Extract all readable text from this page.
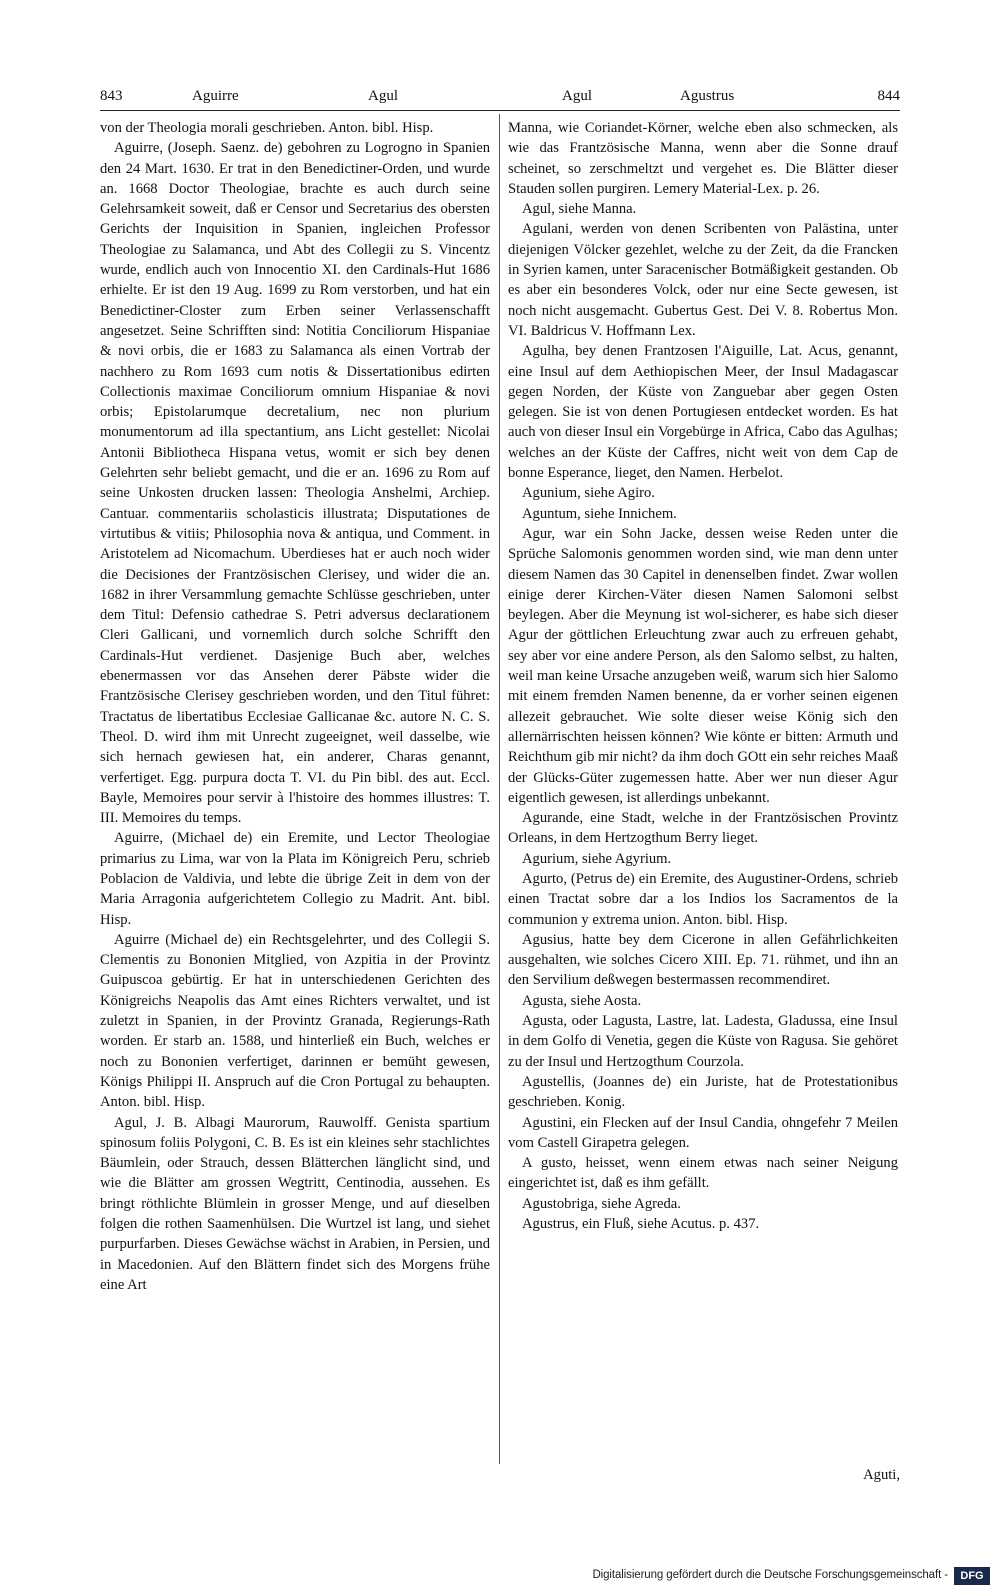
843	Aguirre	Agul	Agul	Agustrus	844

von der Theologia morali geschrieben. Anton. bibl. Hisp.

Aguirre, (Joseph. Saenz. de) gebohren zu Logrogno in Spanien den 24 Mart. 1630. Er trat in den Benedictiner-Orden, und wurde an. 1668 Doctor Theologiae, brachte es auch durch seine Gelehrsamkeit soweit, daß er Censor und Secretarius des obersten Gerichts der Inquisition in Spanien, ingleichen Professor Theologiae zu Salamanca, und Abt des Collegii zu S. Vincentz wurde, endlich auch von Innocentio XI. den Cardinals-Hut 1686 erhielte. Er ist den 19 Aug. 1699 zu Rom verstorben, und hat ein Benedictiner-Closter zum Erben seiner Verlassenschafft angesetzet. Seine Schrifften sind: Notitia Conciliorum Hispaniae & novi orbis, die er 1683 zu Salamanca als einen Vortrab der nachhero zu Rom 1693 cum notis & Dissertationibus edirten Collectionis maximae Conciliorum omnium Hispaniae & novi orbis; Epistolarumque decretalium, nec non plurium monumentorum ad illa spectantium, ans Licht gestellet: Nicolai Antonii Bibliotheca Hispana vetus, womit er sich bey denen Gelehrten sehr beliebt gemacht, und die er an. 1696 zu Rom auf seine Unkosten drucken lassen: Theologia Anshelmi, Archiep. Cantuar. commentariis scholasticis illustrata; Disputationes de virtutibus & vitiis; Philosophia nova & antiqua, und Comment. in Aristotelem ad Nicomachum. Uberdieses hat er auch noch wider die Decisiones der Frantzösischen Clerisey, und wider die an. 1682 in ihrer Versammlung gemachte Schlüsse geschrieben, unter dem Titul: Defensio cathedrae S. Petri adversus declarationem Cleri Gallicani, und vornemlich durch solche Schrifft den Cardinals-Hut verdienet. Dasjenige Buch aber, welches ebenermassen vor das Ansehen derer Päbste wider die Frantzösische Clerisey geschrieben worden, und den Titul führet: Tractatus de libertatibus Ecclesiae Gallicanae &c. autore N. C. S. Theol. D. wird ihm mit Unrecht zugeeignet, weil dasselbe, wie sich hernach gewiesen hat, ein anderer, Charas genannt, verfertiget. Egg. purpura docta T. VI. du Pin bibl. des aut. Eccl. Bayle, Memoires pour servir à l'histoire des hommes illustres: T. III. Memoires du temps.

Aguirre, (Michael de) ein Eremite, und Lector Theologiae primarius zu Lima, war von la Plata im Königreich Peru, schrieb Poblacion de Valdivia, und lebte die übrige Zeit in dem von der Maria Arragonia aufgerichtetem Collegio zu Madrit. Ant. bibl. Hisp.

Aguirre (Michael de) ein Rechtsgelehrter, und des Collegii S. Clementis zu Bononien Mitglied, von Azpitia in der Provintz Guipuscoa gebürtig. Er hat in unterschiedenen Gerichten des Königreichs Neapolis das Amt eines Richters verwaltet, und ist zuletzt in Spanien, in der Provintz Granada, Regierungs-Rath worden. Er starb an. 1588, und hinterließ ein Buch, welches er noch zu Bononien verfertiget, darinnen er bemüht gewesen, Königs Philippi II. Anspruch auf die Cron Portugal zu behaupten. Anton. bibl. Hisp.

Agul, J. B. Albagi Maurorum, Rauwolff. Genista spartium spinosum foliis Polygoni, C. B. Es ist ein kleines sehr stachlichtes Bäumlein, oder Strauch, dessen Blätterchen länglicht sind, und wie die Blätter am grossen Wegtritt, Centinodia, aussehen. Es bringt röthlichte Blümlein in grosser Menge, und auf dieselben folgen die rothen Saamenhülsen. Die Wurtzel ist lang, und siehet purpurfarben. Dieses Gewächse wächst in Arabien, in Persien, und in Macedonien. Auf den Blättern findet sich des Morgens frühe eine Art

Manna, wie Coriandet-Körner, welche eben also schmecken, als wie das Frantzösische Manna, wenn aber die Sonne drauf scheinet, so zerschmeltzt und vergehet es. Die Blätter dieser Stauden sollen purgiren. Lemery Material-Lex. p. 26.

Agul, siehe Manna.

Agulani, werden von denen Scribenten von Palästina, unter diejenigen Völcker gezehlet, welche zu der Zeit, da die Francken in Syrien kamen, unter Saracenischer Botmäßigkeit gestanden. Ob es aber ein besonderes Volck, oder nur eine Secte gewesen, ist noch nicht ausgemacht. Gubertus Gest. Dei V. 8. Robertus Mon. VI. Baldricus V. Hoffmann Lex.

Agulha, bey denen Frantzosen l'Aiguille, Lat. Acus, genannt, eine Insul auf dem Aethiopischen Meer, der Insul Madagascar gegen Norden, der Küste von Zanguebar aber gegen Osten gelegen. Sie ist von denen Portugiesen entdecket worden. Es hat auch von dieser Insul ein Vorgebürge in Africa, Cabo das Agulhas; welches an der Küste der Caffres, nicht weit von dem Cap de bonne Esperance, lieget, den Namen. Herbelot.

Agunium, siehe Agiro.

Aguntum, siehe Innichem.

Agur, war ein Sohn Jacke, dessen weise Reden unter die Sprüche Salomonis genommen worden sind, wie man denn unter diesem Namen das 30 Capitel in denenselben findet. Zwar wollen einige derer Kirchen-Väter diesen Namen Salomoni selbst beylegen. Aber die Meynung ist wol-sicherer, es habe sich dieser Agur der göttlichen Erleuchtung zwar auch zu erfreuen gehabt, sey aber vor eine andere Person, als den Salomo selbst, zu halten, weil man keine Ursache anzugeben weiß, warum sich hier Salomo mit einem fremden Namen benenne, da er vorher seinen eigenen allezeit gebrauchet. Wie solte dieser weise König sich den allernärrischten heissen können? Wie könte er bitten: Armuth und Reichthum gib mir nicht? da ihm doch GOtt ein sehr reiches Maaß der Glücks-Güter zugemessen hatte. Aber wer nun dieser Agur eigentlich gewesen, ist allerdings unbekannt.

Agurande, eine Stadt, welche in der Frantzösischen Provintz Orleans, in dem Hertzogthum Berry lieget.

Agurium, siehe Agyrium.

Agurto, (Petrus de) ein Eremite, des Augustiner-Ordens, schrieb einen Tractat sobre dar a los Indios los Sacramentos de la communion y extrema union. Anton. bibl. Hisp.

Agusius, hatte bey dem Cicerone in allen Gefährlichkeiten ausgehalten, wie solches Cicero XIII. Ep. 71. rühmet, und ihn an den Servilium deßwegen bestermassen recommendiret.

Agusta, siehe Aosta.

Agusta, oder Lagusta, Lastre, lat. Ladesta, Gladussa, eine Insul in dem Golfo di Venetia, gegen die Küste von Ragusa. Sie gehöret zu der Insul und Hertzogthum Courzola.

Agustellis, (Joannes de) ein Juriste, hat de Protestationibus geschrieben. Konig.

Agustini, ein Flecken auf der Insul Candia, ohngefehr 7 Meilen vom Castell Girapetra gelegen.

A gusto, heisset, wenn einem etwas nach seiner Neigung eingerichtet ist, daß es ihm gefällt.

Agustobriga, siehe Agreda.

Agustrus, ein Fluß, siehe Acutus. p. 437.

Aguti,
Digitalisierung gefördert durch die Deutsche Forschungsgemeinschaft -	DFG
